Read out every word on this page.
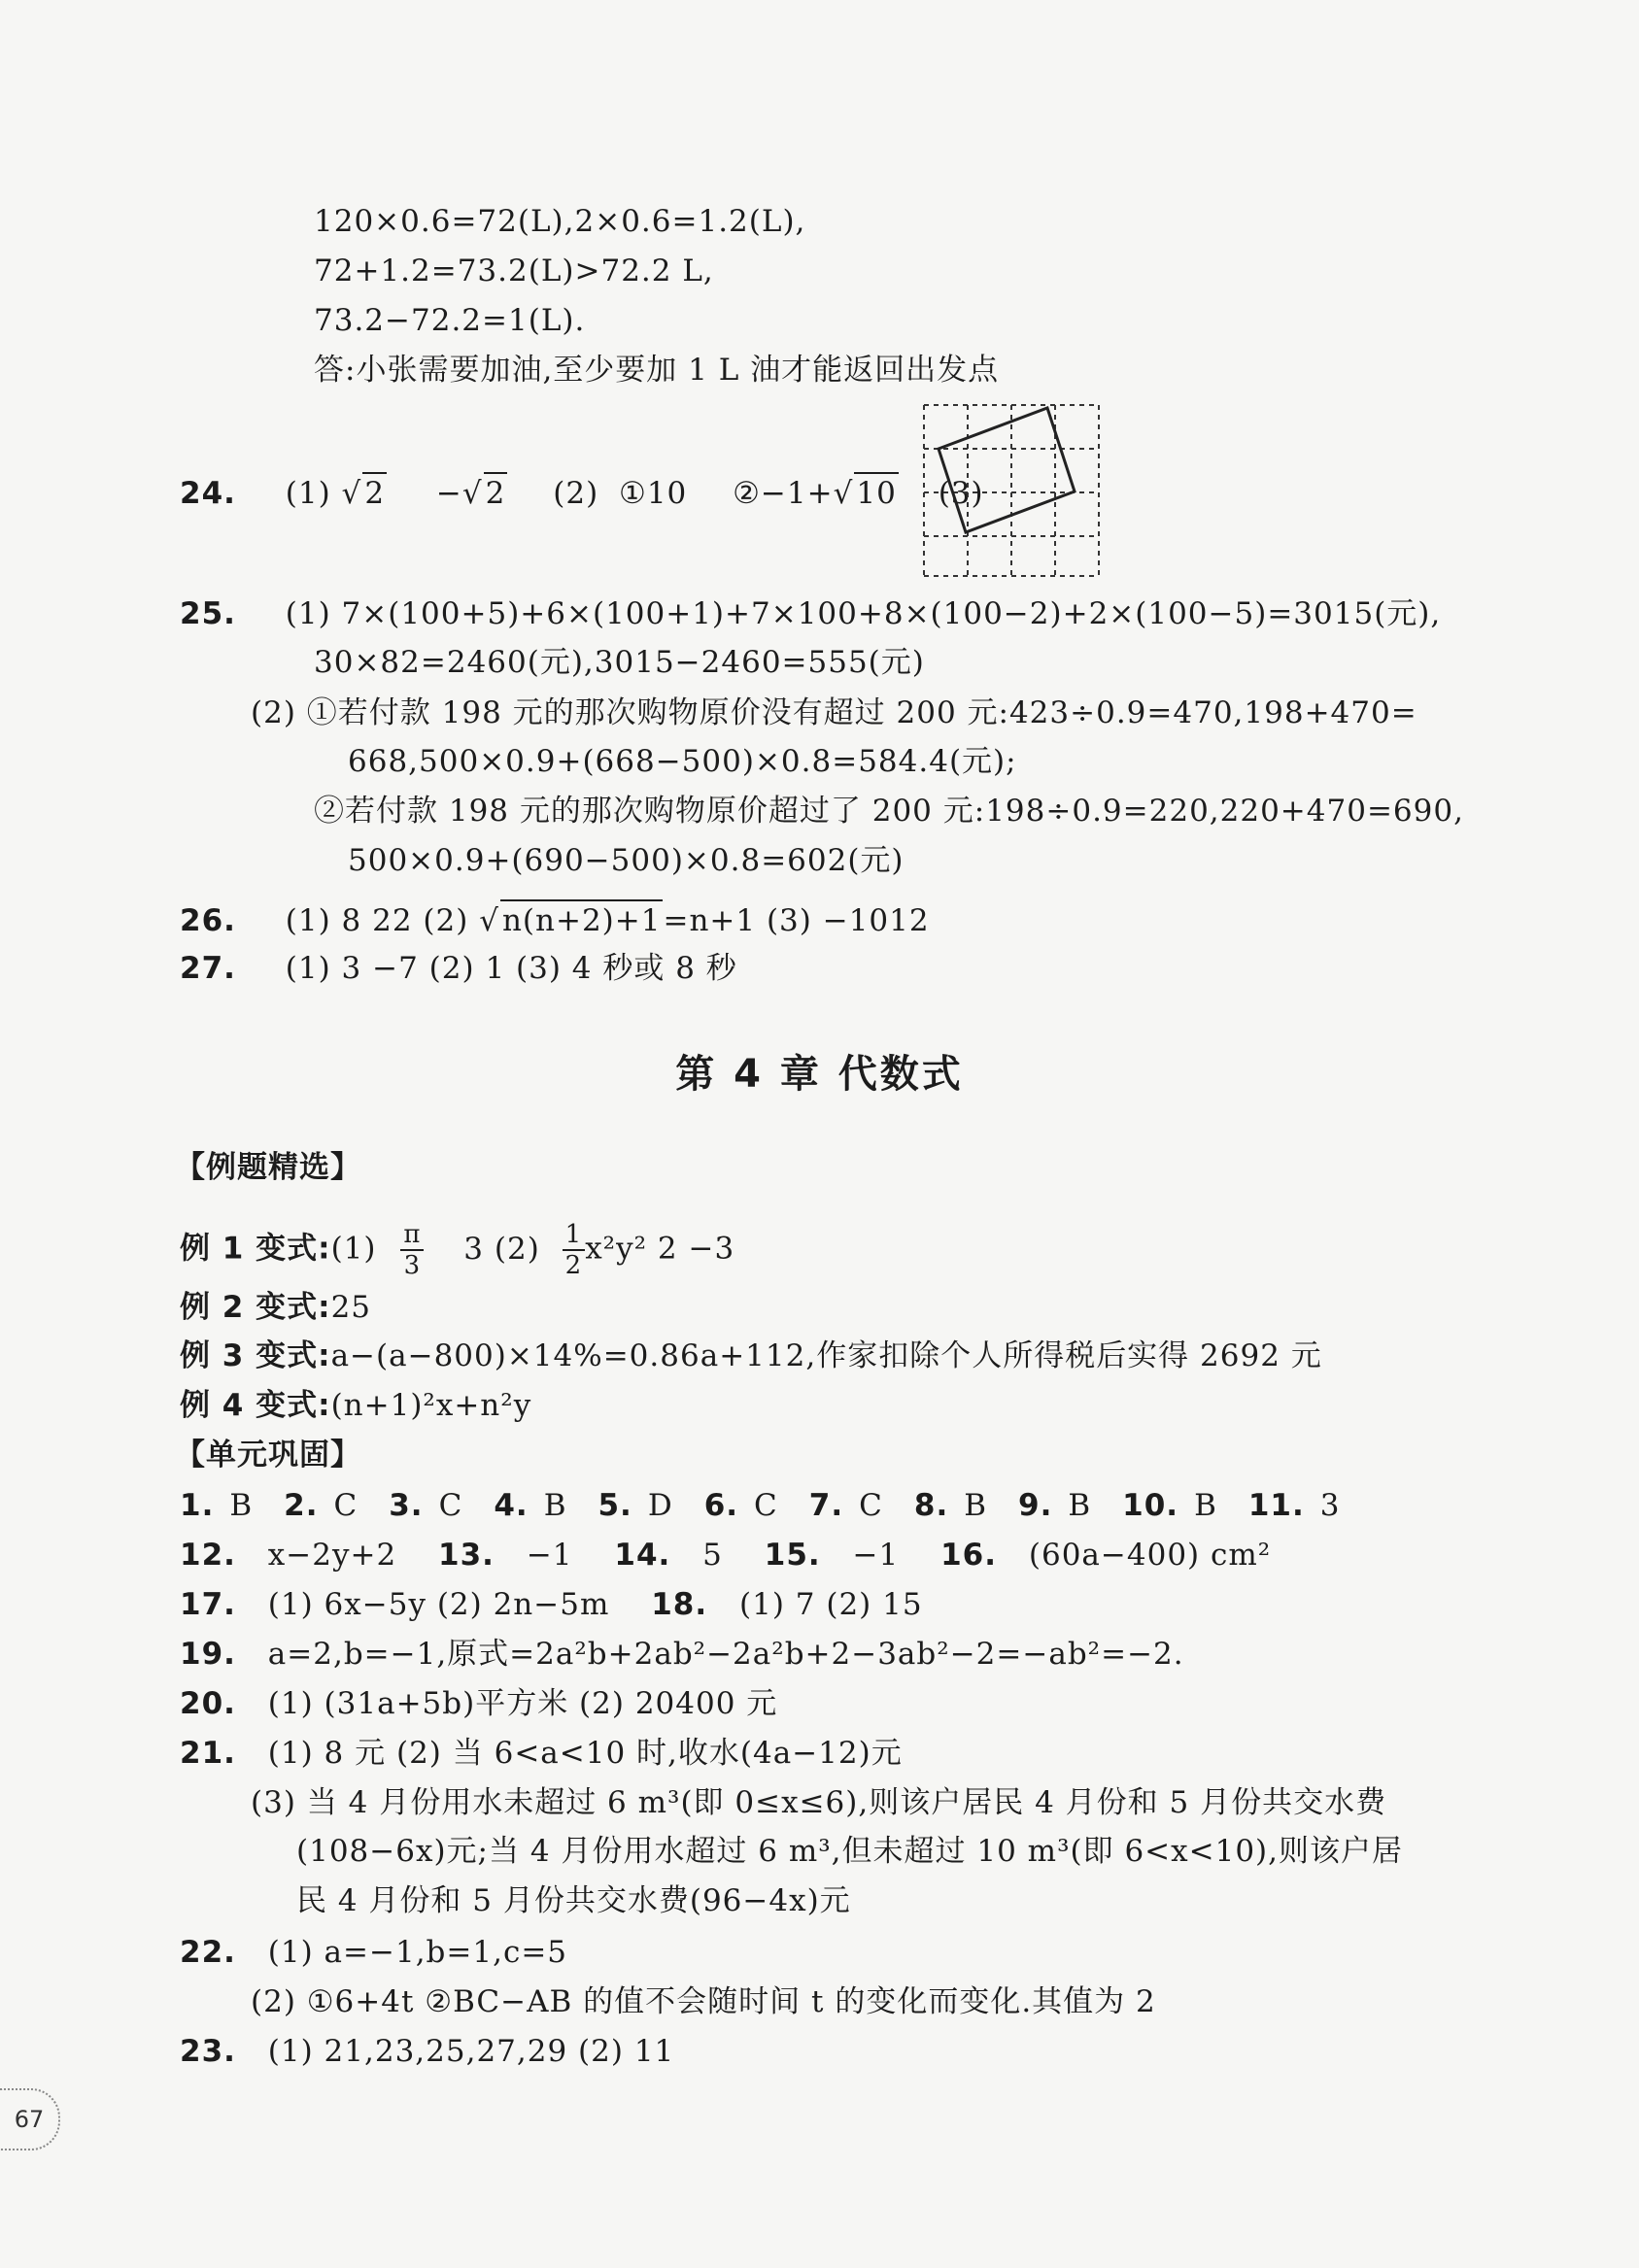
120×0.6=72(L),2×0.6=1.2(L),
72+1.2=73.2(L)>72.2 L,
73.2−72.2=1(L).
答:小张需要加油,至少要加 1 L 油才能返回出发点
24. (1) √2 −√2 (2) ①10 ②−1+√10 (3)
25. (1) 7×(100+5)+6×(100+1)+7×100+8×(100−2)+2×(100−5)=3015(元),
30×82=2460(元),3015−2460=555(元)
(2) ①若付款 198 元的那次购物原价没有超过 200 元:423÷0.9=470,198+470=
668,500×0.9+(668−500)×0.8=584.4(元);
②若付款 198 元的那次购物原价超过了 200 元:198÷0.9=220,220+470=690,
500×0.9+(690−500)×0.8=602(元)
26. (1) 8 22 (2) √n(n+2)+1=n+1 (3) −1012
27. (1) 3 −7 (2) 1 (3) 4 秒或 8 秒
第 4 章 代数式
【例题精选】
例 1 变式:(1) $\frac{\pi}{3} 3$ $(2) \frac{1}{2} x^2y^2$ 2 −3
例 2 变式:25
例 3 变式:a−(a−800)×14%=0.86a+112,作家扣除个人所得税后实得 2692 元
例 4 变式:(n+1)²x+n²y
【单元巩固】
1. B 2. C 3. C 4. B 5. D 6. C 7. C 8. B 9. B 10. B 11. 3
12. x−2y+2 13. −1 14. 5 15. −1 16. (60a−400) cm²
17. (1) 6x−5y (2) 2n−5m 18. (1) 7 (2) 15
19. a=2,b=−1,原式=2a²b+2ab²−2a²b+2−3ab²−2=−ab²=−2.
20. (1) (31a+5b)平方米 (2) 20400 元
21. (1) 8 元 (2) 当 6<a<10 时,收水(4a−12)元
(3) 当 4 月份用水未超过 6 m³(即 0≤x≤6),则该户居民 4 月份和 5 月份共交水费
(108−6x)元;当 4 月份用水超过 6 m³,但未超过 10 m³(即 6<x<10),则该户居
民 4 月份和 5 月份共交水费(96−4x)元
22. (1) a=−1,b=1,c=5
(2) ①6+4t ②BC−AB 的值不会随时间 t 的变化而变化.其值为 2
23. (1) 21,23,25,27,29 (2) 11
67
